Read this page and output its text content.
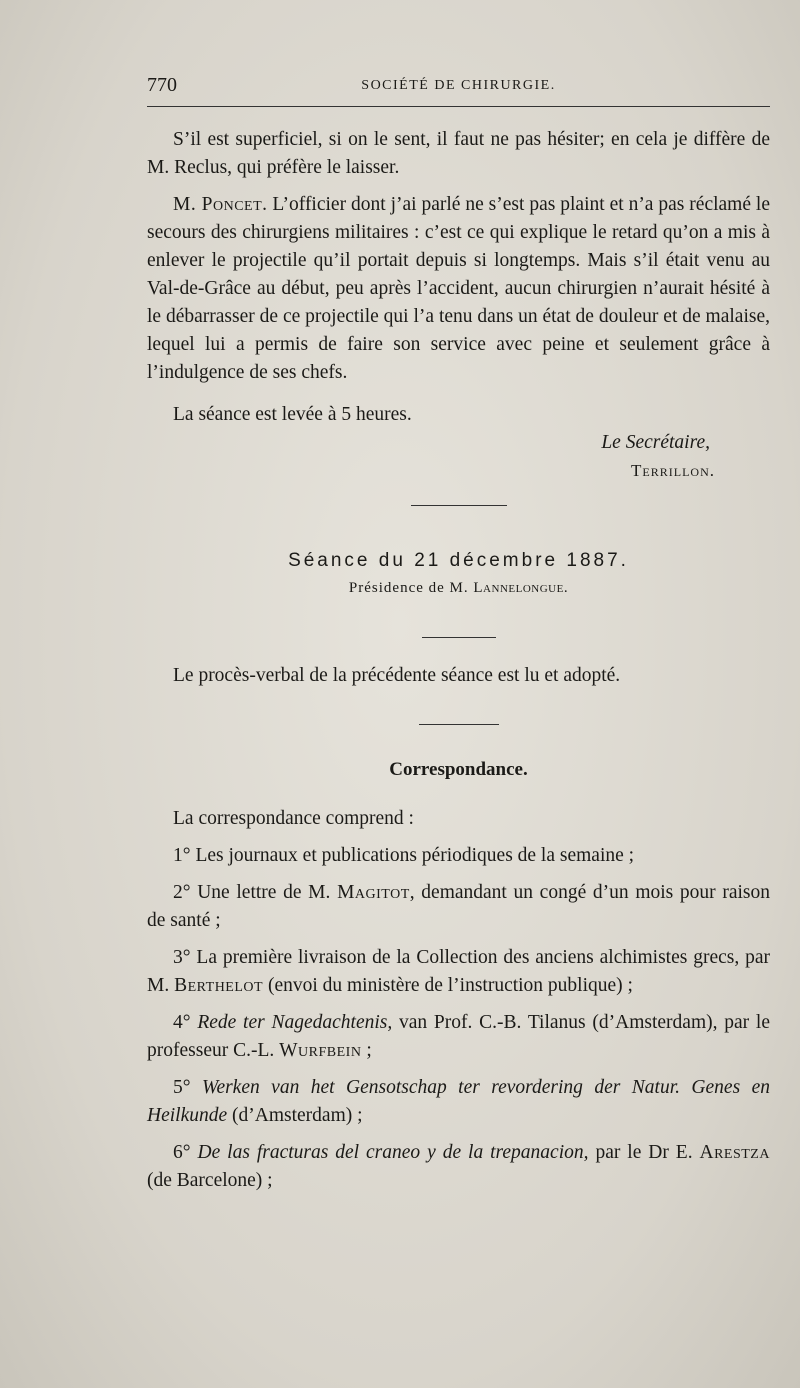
770	SOCIÉTÉ DE CHIRURGIE.

S’il est superficiel, si on le sent, il faut ne pas hésiter; en cela je diffère de M. Reclus, qui préfère le laisser.

M. Poncet. L’officier dont j’ai parlé ne s’est pas plaint et n’a pas réclamé le secours des chirurgiens militaires : c’est ce qui explique le retard qu’on a mis à enlever le projectile qu’il portait depuis si longtemps. Mais s’il était venu au Val-de-Grâce au début, peu après l’accident, aucun chirurgien n’aurait hésité à le débarrasser de ce projectile qui l’a tenu dans un état de douleur et de malaise, lequel lui a permis de faire son service avec peine et seulement grâce à l’indulgence de ses chefs.

La séance est levée à 5 heures.

Le Secrétaire,
Terrillon.
Séance du 21 décembre 1887.
Présidence de M. Lannelongue.

Le procès-verbal de la précédente séance est lu et adopté.

Correspondance.

La correspondance comprend :

1° Les journaux et publications périodiques de la semaine ;

2° Une lettre de M. Magitot, demandant un congé d’un mois pour raison de santé ;

3° La première livraison de la Collection des anciens alchimistes grecs, par M. Berthelot (envoi du ministère de l’instruction publique) ;

4° Rede ter Nagedachtenis, van Prof. C.-B. Tilanus (d’Amsterdam), par le professeur C.-L. Wurfbein ;

5° Werken van het Gensotschap ter revordering der Natur. Genes en Heilkunde (d’Amsterdam) ;

6° De las fracturas del craneo y de la trepanacion, par le Dr E. Arestza (de Barcelone) ;
